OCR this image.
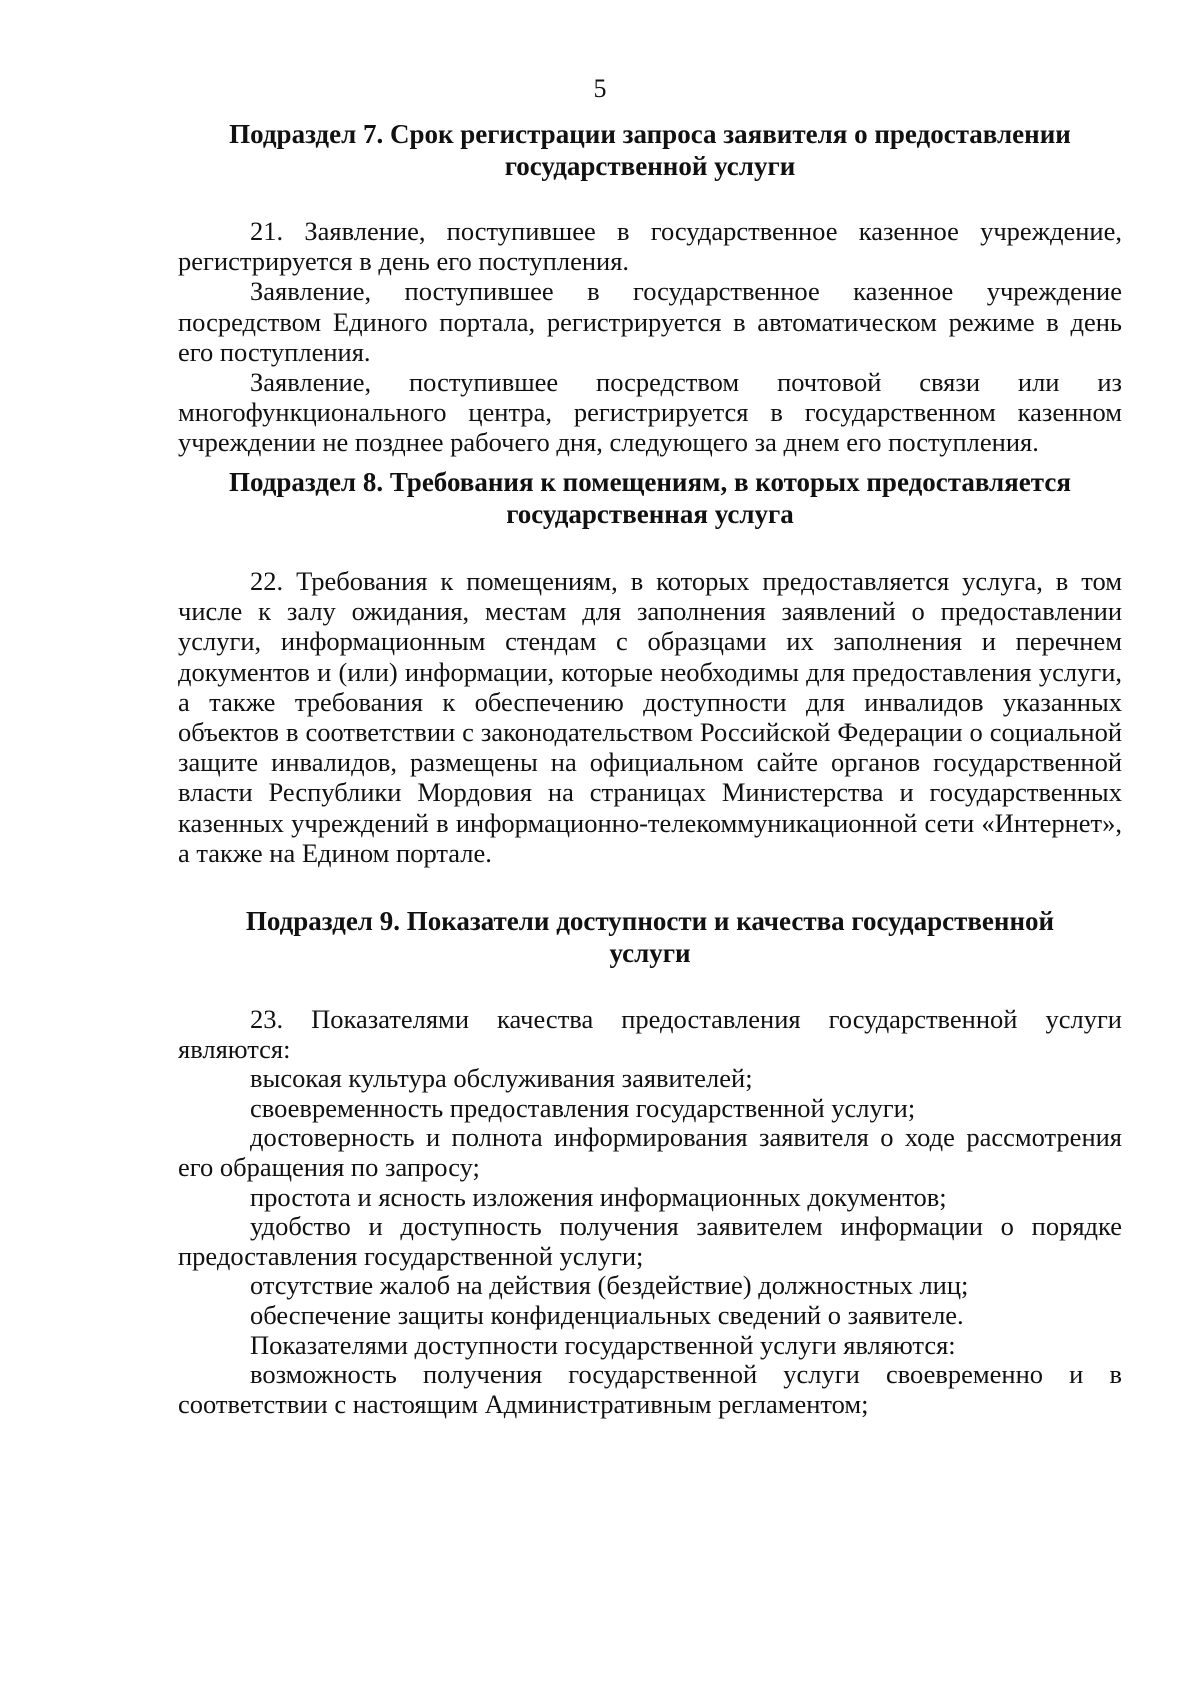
5

Подраздел 7. Срок регистрации запроса заявителя о предоставлении
государственной услуги

21. Заявление, поступившее в государственное казенное учреждение, регистрируется в день его поступления.

Заявление, поступившее в государственное казенное учреждение посредством Единого портала, регистрируется в автоматическом режиме в день его поступления.

Заявление, поступившее посредством почтовой связи или из многофункционального центра, регистрируется в государственном казенном учреждении не позднее рабочего дня, следующего за днем его поступления.

Подраздел 8. Требования к помещениям, в которых предоставляется
государственная услуга

22. Требования к помещениям, в которых предоставляется услуга, в том числе к залу ожидания, местам для заполнения заявлений о предоставлении услуги, информационным стендам с образцами их заполнения и перечнем документов и (или) информации, которые необходимы для предоставления услуги, а также требования к обеспечению доступности для инвалидов указанных объектов в соответствии с законодательством Российской Федерации о социальной защите инвалидов, размещены на официальном сайте органов государственной власти Республики Мордовия на страницах Министерства и государственных казенных учреждений в информационно-телекоммуникационной сети «Интернет», а также на Едином портале.

Подраздел 9. Показатели доступности и качества государственной
услуги

23. Показателями качества предоставления государственной услуги являются:

высокая культура обслуживания заявителей;

своевременность предоставления государственной услуги;

достоверность и полнота информирования заявителя о ходе рассмотрения его обращения по запросу;

простота и ясность изложения информационных документов;

удобство и доступность получения заявителем информации о порядке предоставления государственной услуги;

отсутствие жалоб на действия (бездействие) должностных лиц;

обеспечение защиты конфиденциальных сведений о заявителе.

Показателями доступности государственной услуги являются:

возможность получения государственной услуги своевременно и в соответствии с настоящим Административным регламентом;
